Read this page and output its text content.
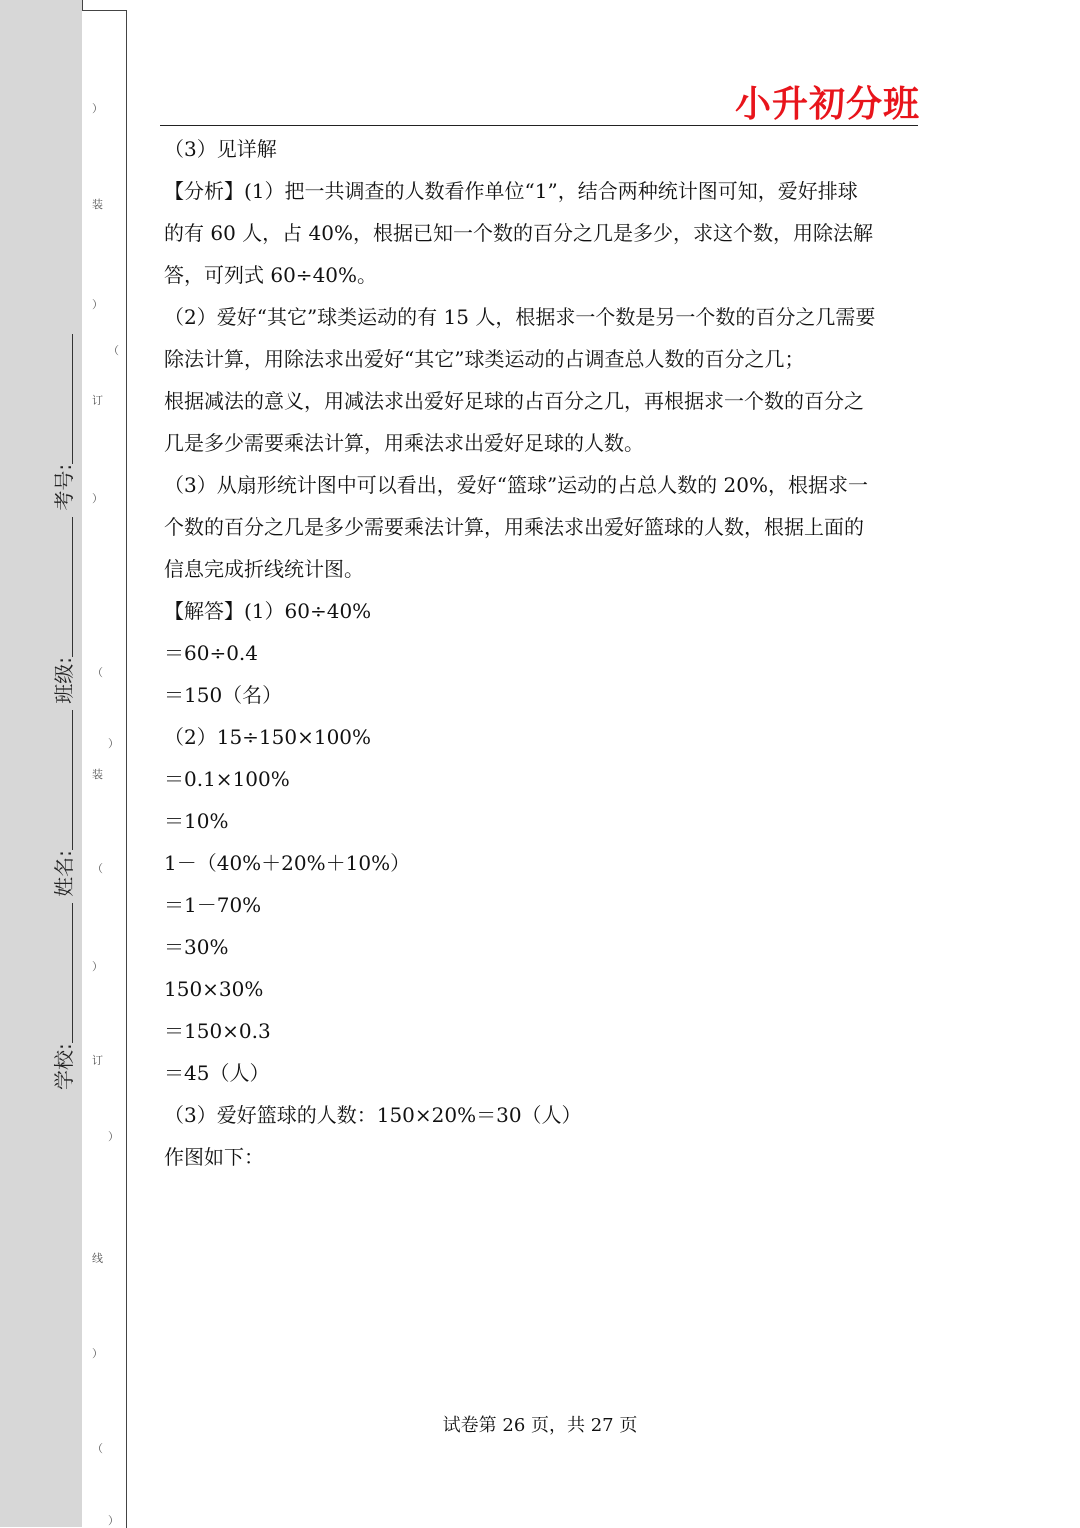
）
装
）
（
订
）
（
）
装
（
）
订
）
线
）
（
）
学校: 姓名: 班级: 考号:
小升初分班
（3）见详解
【分析】(1）把一共调查的人数看作单位“1”，结合两种统计图可知，爱好排球
的有 60 人，占 40%，根据已知一个数的百分之几是多少，求这个数，用除法解
答，可列式 60÷40%。
（2）爱好“其它”球类运动的有 15 人，根据求一个数是另一个数的百分之几需要
除法计算，用除法求出爱好“其它”球类运动的占调查总人数的百分之几；
根据减法的意义，用减法求出爱好足球的占百分之几，再根据求一个数的百分之
几是多少需要乘法计算，用乘法求出爱好足球的人数。
（3）从扇形统计图中可以看出，爱好“篮球”运动的占总人数的 20%，根据求一
个数的百分之几是多少需要乘法计算，用乘法求出爱好篮球的人数，根据上面的
信息完成折线统计图。
【解答】(1）60÷40%
＝60÷0.4
＝150（名）
（2）15÷150×100%
＝0.1×100%
＝10%
1－（40%＋20%＋10%）
＝1－70%
＝30%
150×30%
＝150×0.3
＝45（人）
（3）爱好篮球的人数：150×20%＝30（人）
作图如下：
试卷第 26 页，共 27 页
